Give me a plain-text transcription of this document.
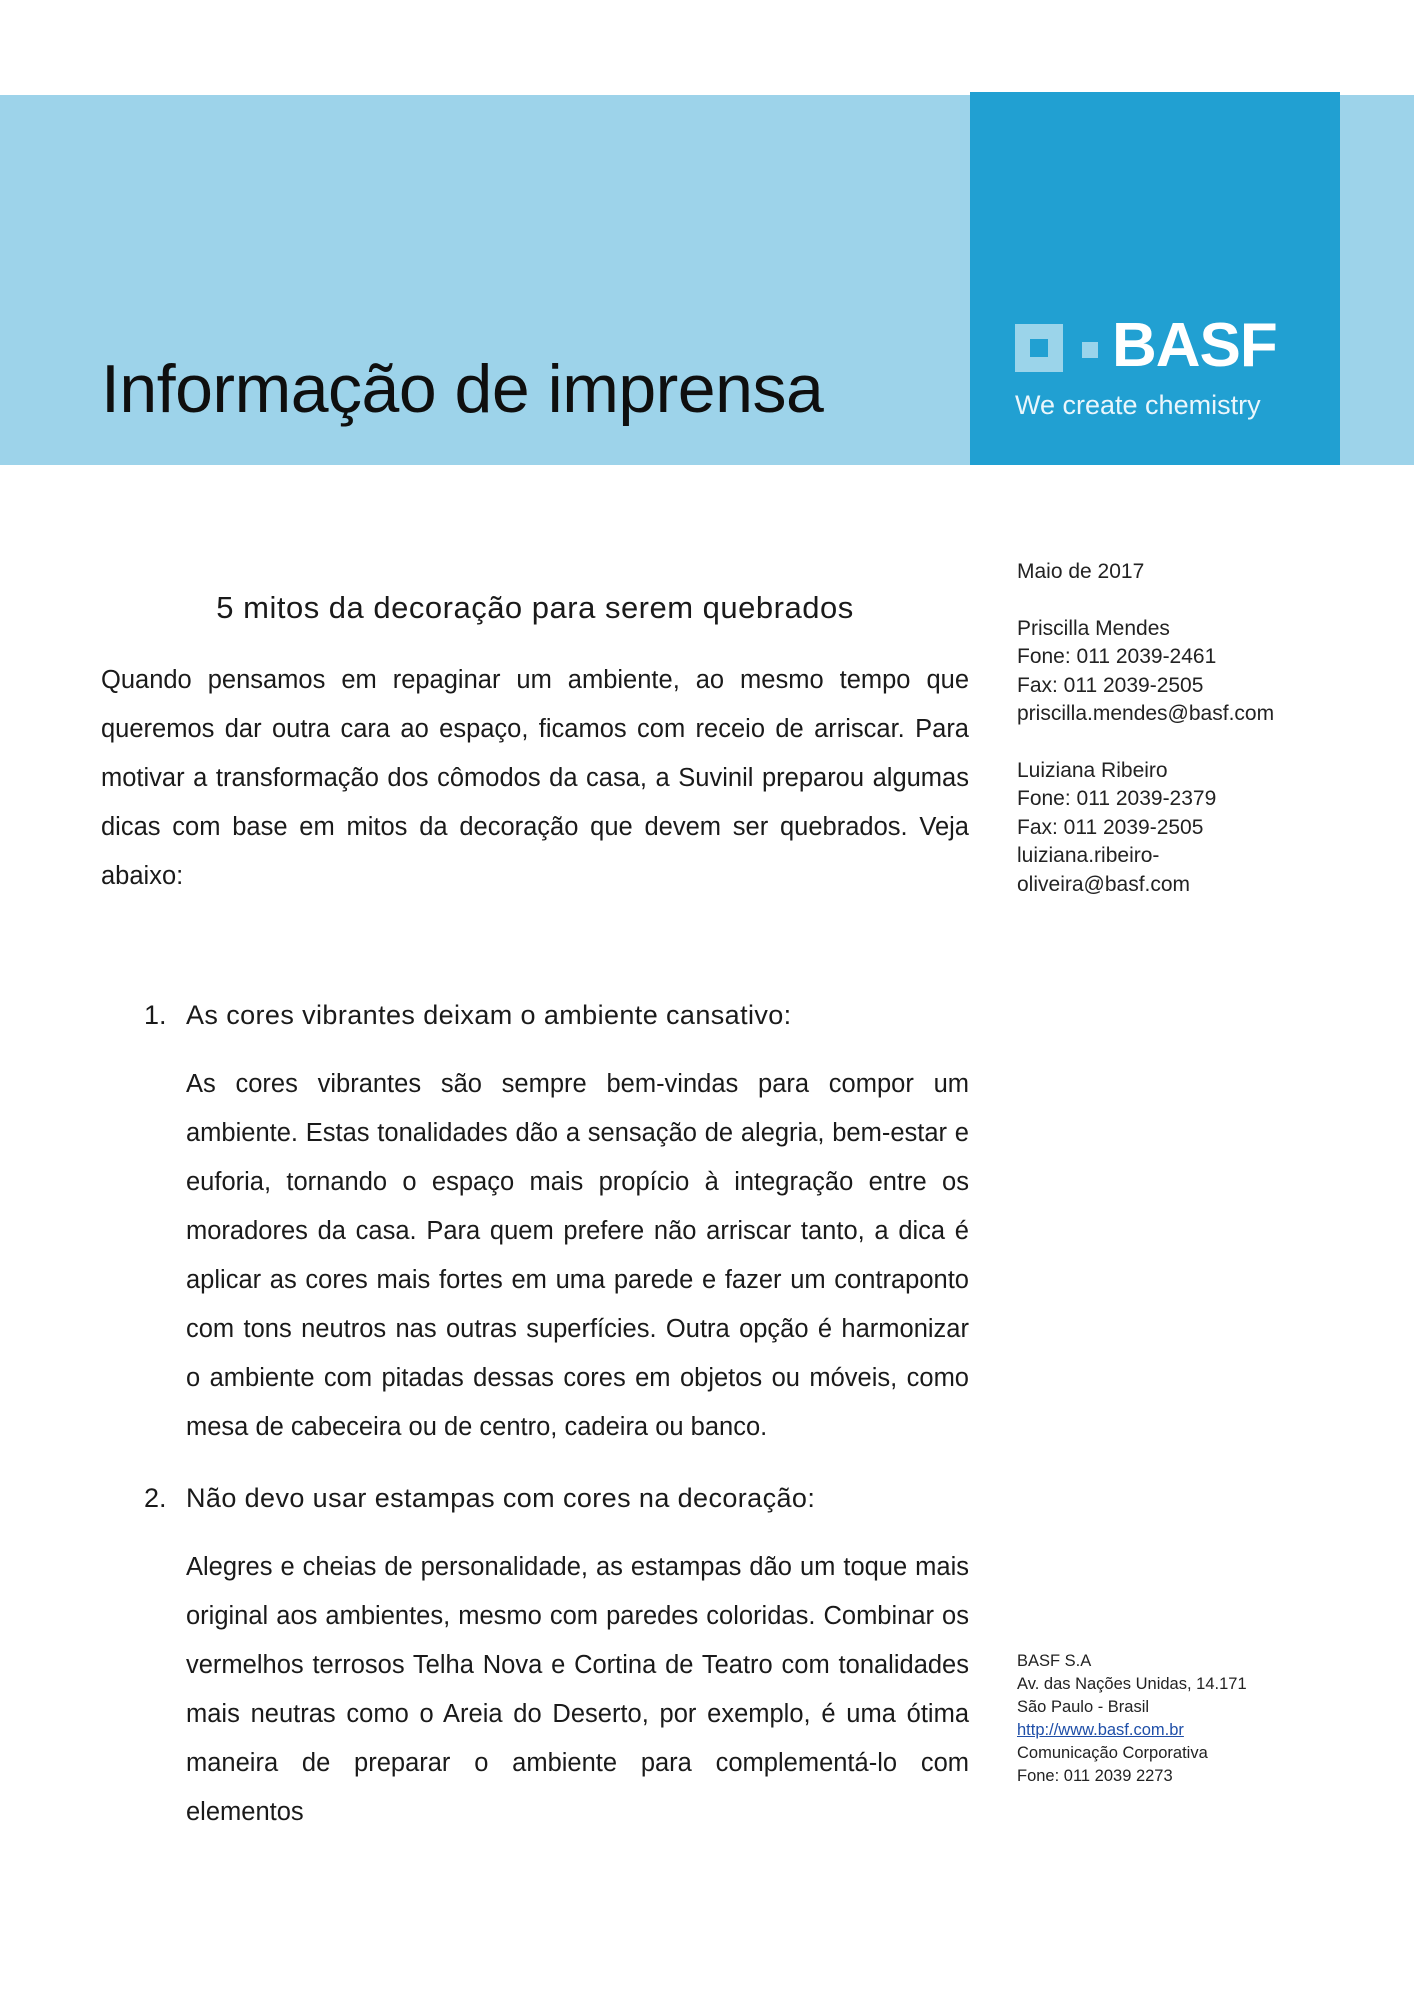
Informação de imprensa
BASF
We create chemistry
Maio de 2017
Priscilla Mendes
Fone: 011 2039-2461
Fax: 011 2039-2505
priscilla.mendes@basf.com
Luiziana Ribeiro
Fone: 011 2039-2379
Fax: 011 2039-2505
luiziana.ribeiro-
oliveira@basf.com
BASF S.A
Av. das Nações Unidas, 14.171
São Paulo - Brasil
http://www.basf.com.br
Comunicação Corporativa
Fone: 011 2039 2273
5 mitos da decoração para serem quebrados

Quando pensamos em repaginar um ambiente, ao mesmo tempo que queremos dar outra cara ao espaço, ficamos com receio de arriscar. Para motivar a transformação dos cômodos da casa, a Suvinil preparou algumas dicas com base em mitos da decoração que devem ser quebrados. Veja abaixo:

1. As cores vibrantes deixam o ambiente cansativo:

As cores vibrantes são sempre bem-vindas para compor um ambiente. Estas tonalidades dão a sensação de alegria, bem-estar e euforia, tornando o espaço mais propício à integração entre os moradores da casa. Para quem prefere não arriscar tanto, a dica é aplicar as cores mais fortes em uma parede e fazer um contraponto com tons neutros nas outras superfícies. Outra opção é harmonizar o ambiente com pitadas dessas cores em objetos ou móveis, como mesa de cabeceira ou de centro, cadeira ou banco.

2. Não devo usar estampas com cores na decoração:

Alegres e cheias de personalidade, as estampas dão um toque mais original aos ambientes, mesmo com paredes coloridas. Combinar os vermelhos terrosos Telha Nova e Cortina de Teatro com tonalidades mais neutras como o Areia do Deserto, por exemplo, é uma ótima maneira de preparar o ambiente para complementá-lo com elementos
